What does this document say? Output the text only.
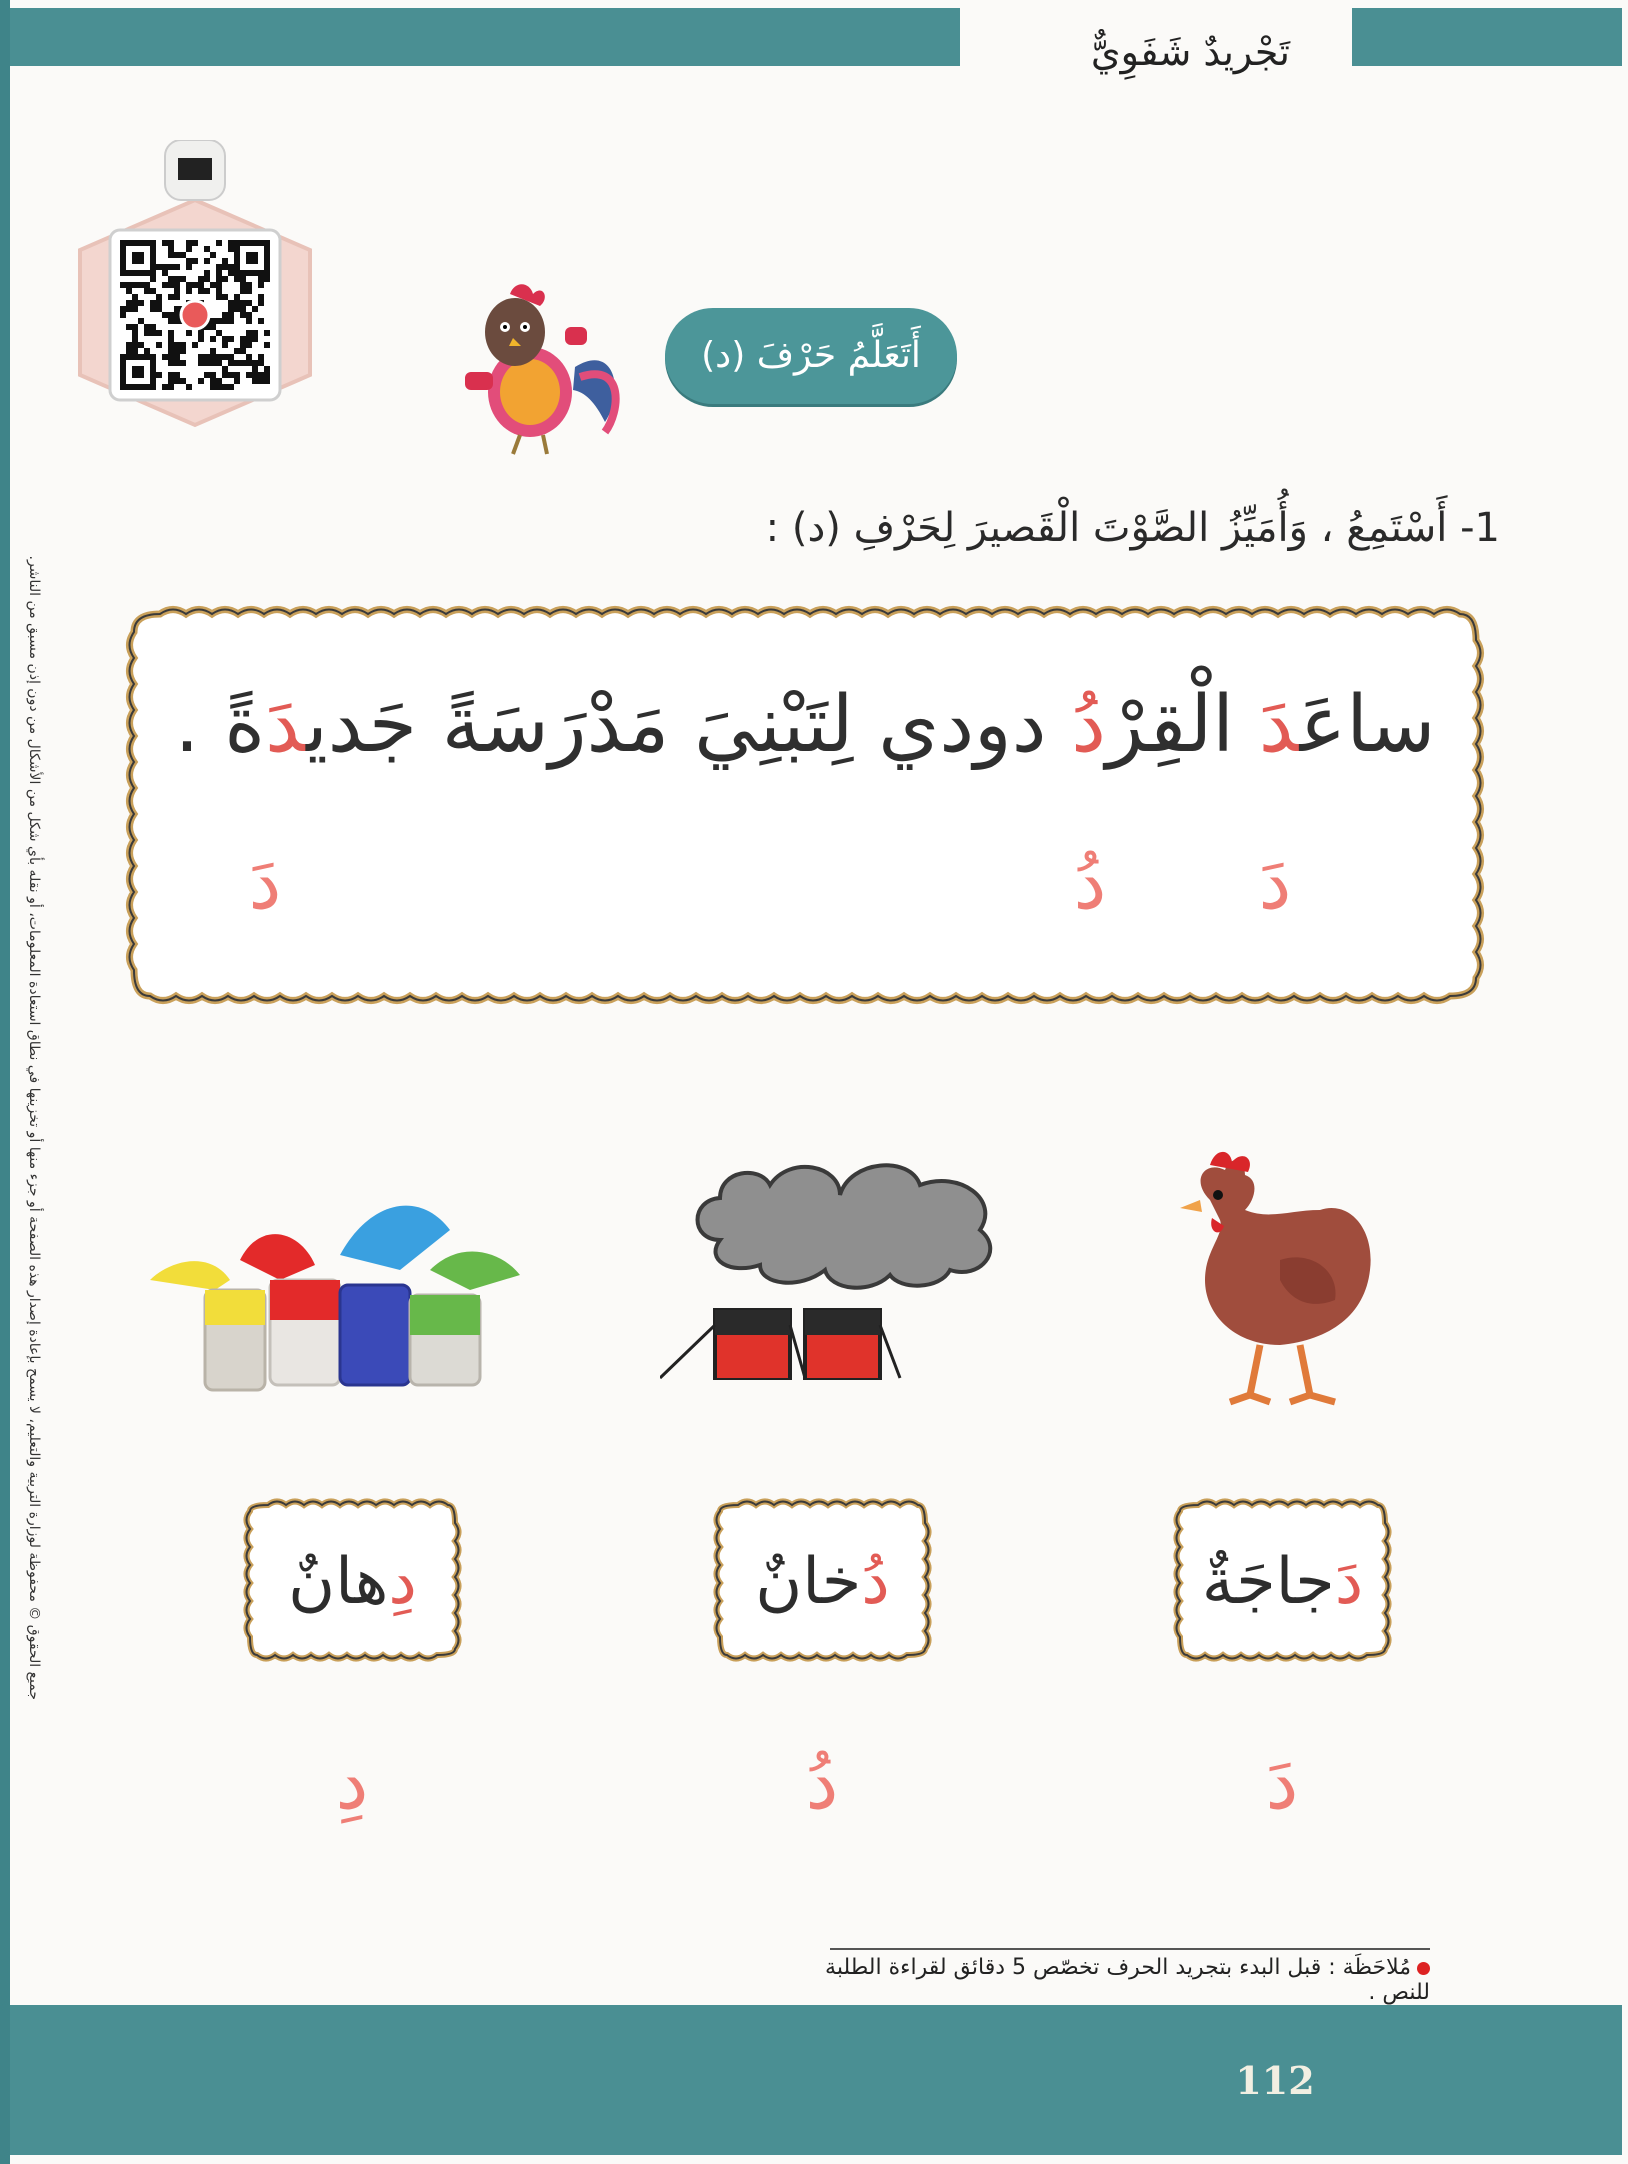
تَجْريدٌ شَفَوِيٌّ
جميع الحقوق © محفوظة لوزارة التربية والتعليم، لا يسمح بإعادة إصدار هذه الصفحة أو جزء منها أو تخزينها في نطاق استعادة المعلومات، أو نقله بأي شكل من الأشكال من دون إذن مسبق من الناشر.
أَتَعَلَّمُ حَرْفَ (د)
1- أَسْتَمِعُ ، وَأُمَيِّزُ الصَّوْتَ الْقَصيرَ لِحَرْفِ (د) :
ساعَدَ الْقِرْدُ دودي لِتَبْنِيَ مَدْرَسَةً جَديدَةً .
دَ
دُ
دَ
دَجاجَةٌ
دُخانٌ
دِهانٌ
دَ
دُ
دِ
مُلاحَظَة : قبل البدء بتجريد الحرف تخصّص 5 دقائق لقراءة الطلبة للنص .
112
